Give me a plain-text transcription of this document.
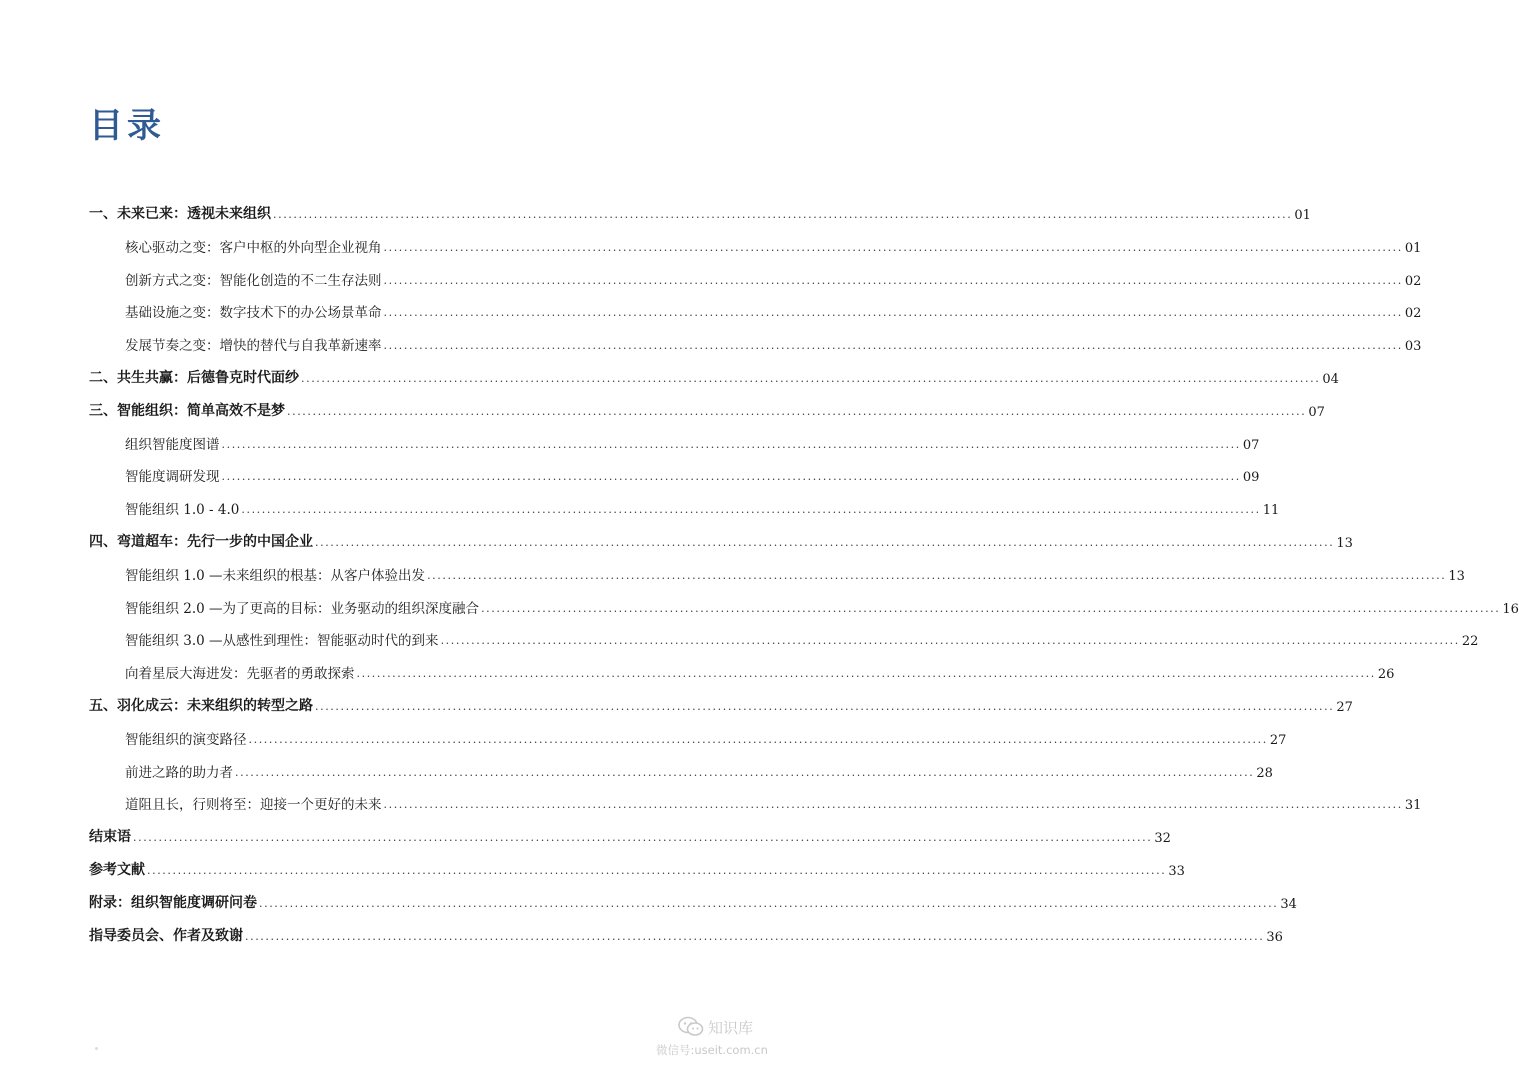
目录
一、未来已来：透视未来组织 ........................................................................................................................................................................................................ 01
核心驱动之变：客户中枢的外向型企业视角 ........................................................................................................................................................................................................ 01
创新方式之变：智能化创造的不二生存法则 ........................................................................................................................................................................................................ 02
基础设施之变：数字技术下的办公场景革命 ........................................................................................................................................................................................................ 02
发展节奏之变：增快的替代与自我革新速率 ........................................................................................................................................................................................................ 03
二、共生共赢：后德鲁克时代面纱 ........................................................................................................................................................................................................ 04
三、智能组织：简单高效不是梦 ........................................................................................................................................................................................................ 07
组织智能度图谱 ........................................................................................................................................................................................................ 07
智能度调研发现 ........................................................................................................................................................................................................ 09
智能组织 1.0 - 4.0 ........................................................................................................................................................................................................ 11
四、弯道超车：先行一步的中国企业 ........................................................................................................................................................................................................ 13
智能组织 1.0 —未来组织的根基：从客户体验出发 ........................................................................................................................................................................................................ 13
智能组织 2.0 —为了更高的目标：业务驱动的组织深度融合 ........................................................................................................................................................................................................ 16
智能组织 3.0 —从感性到理性：智能驱动时代的到来 ........................................................................................................................................................................................................ 22
向着星辰大海进发：先驱者的勇敢探索 ........................................................................................................................................................................................................ 26
五、羽化成云：未来组织的转型之路 ........................................................................................................................................................................................................ 27
智能组织的演变路径 ........................................................................................................................................................................................................ 27
前进之路的助力者 ........................................................................................................................................................................................................ 28
道阻且长，行则将至：迎接一个更好的未来 ........................................................................................................................................................................................................ 31
结束语 ........................................................................................................................................................................................................ 32
参考文献 ........................................................................................................................................................................................................ 33
附录：组织智能度调研问卷 ........................................................................................................................................................................................................ 34
指导委员会、作者及致谢 ........................................................................................................................................................................................................ 36
知识库
微信号:useit.com.cn
